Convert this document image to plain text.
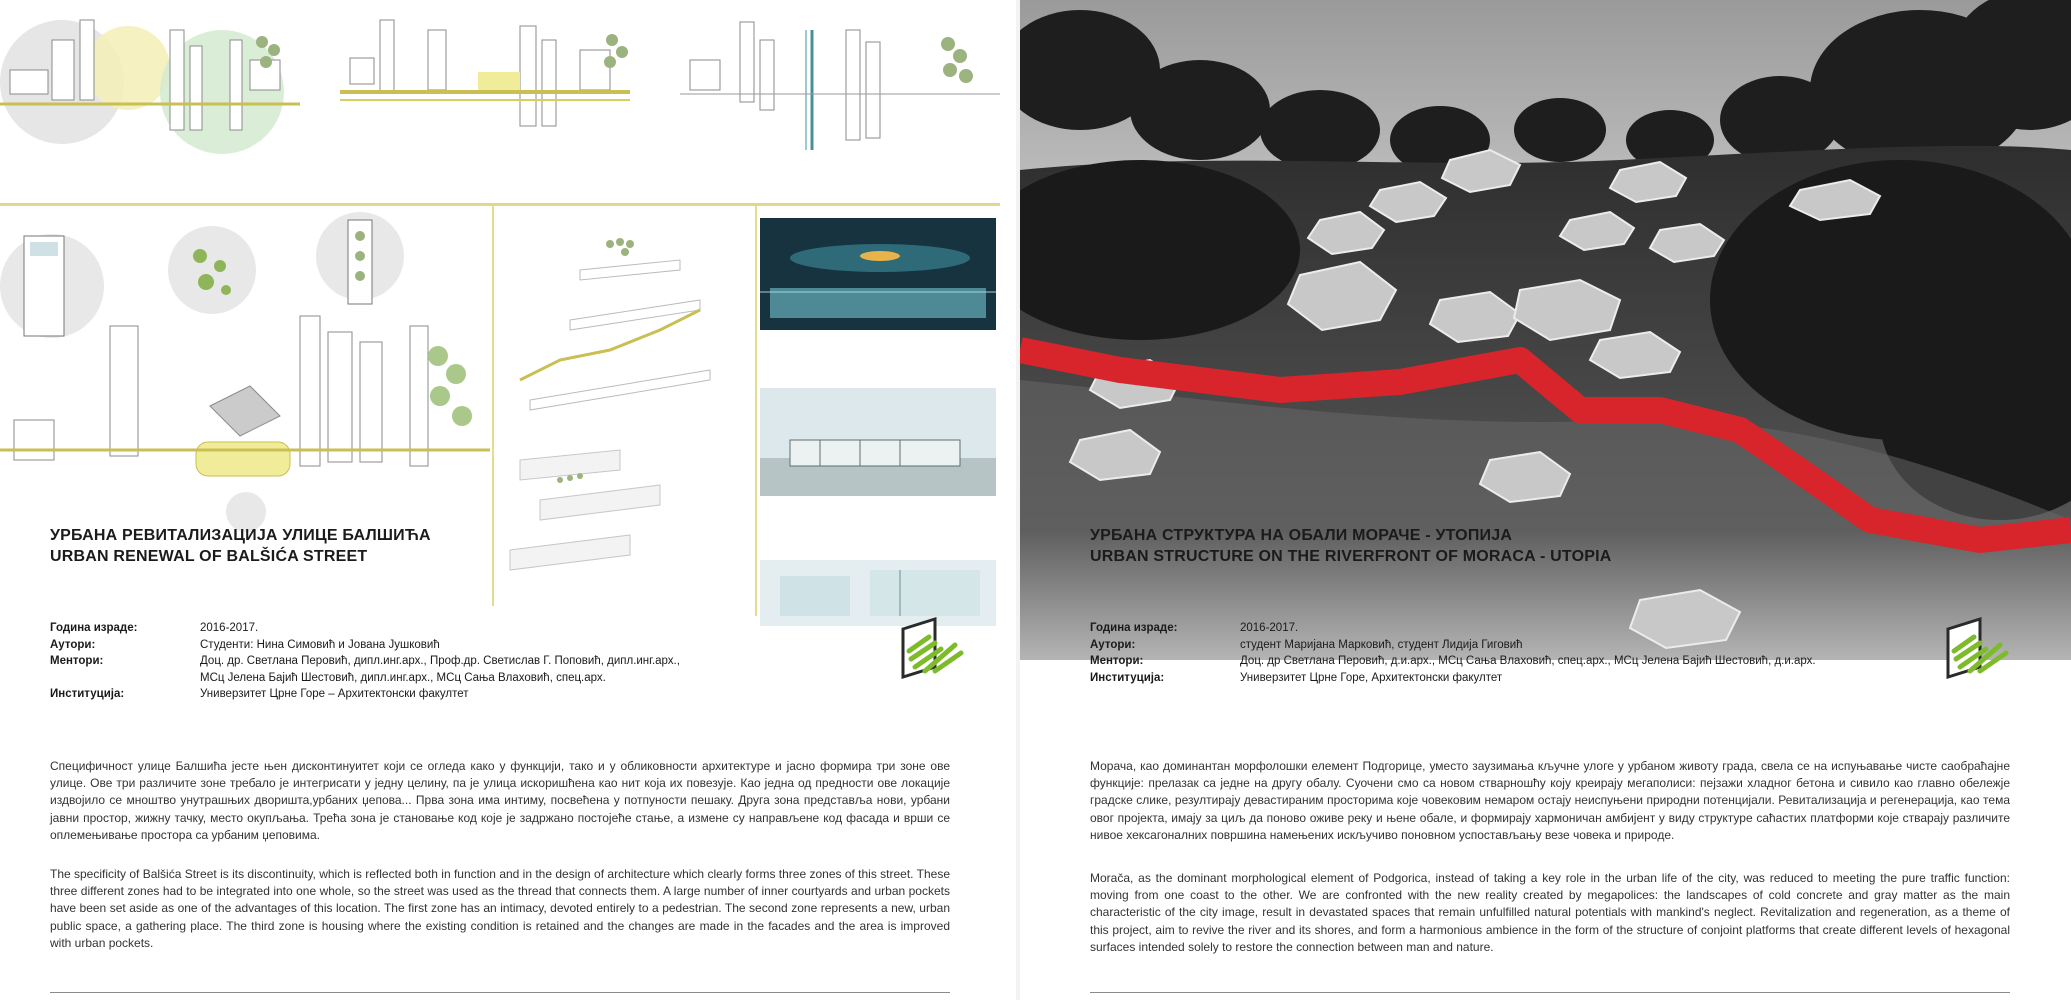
УРБАНА РЕВИТАЛИЗАЦИЈА УЛИЦЕ БАЛШИЋА
URBAN RENEWAL OF BALŠIĆA STREET
Година израде:	2016-2017.
Аутори:	Студенти: Нина Симовић и Јована Јушковић
Ментори:	Доц. др. Светлана Перовић, дипл.инг.арх., Проф.др. Светислав Г. Поповић, дипл.инг.арх.,
МСц Јелена Бајић Шестовић, дипл.инг.арх., МСц Сања Влаховић, спец.арх.
Институција:	Универзитет Црне Горе – Архитектонски факултет
Специфичност улице Балшића јесте њен дисконтинуитет који се огледа како у функцији, тако и у обликовности архитектуре и јасно формира три зоне ове улице. Ове три различите зоне требало је интегрисати у једну целину, па је улица искоришћена као нит која их повезује. Као једна од предности ове локације издвојило се мноштво унутрашњих дворишта,урбаних џепова... Прва зона има интиму, посвећена у потпуности пешаку. Друга зона представља нови, урбани јавни простор, жижну тачку, место окупљања. Трећа зона је становање код које је задржано постојеће стање, а измене су направљене код фасада и врши се оплемењивање простора са урбаним џеповима.
The specificity of Balšića Street is its discontinuity, which is reflected both in function and in the design of architecture which clearly forms three zones of this street. These three different zones had to be integrated into one whole, so the street was used as the thread that connects them. A large number of inner courtyards and urban pockets have been set aside as one of the advantages of this location. The first zone has an intimacy, devoted entirely to a pedestrian. The second zone represents a new, urban public space, a gathering place. The third zone is housing where the existing condition is retained and the changes are made in the facades and the area is improved with urban pockets.
УРБАНА СТРУКТУРА НА ОБАЛИ МОРАЧЕ - УТОПИЈА
URBAN STRUCTURE ON THE RIVERFRONT OF MORACA - UTOPIA
Година израде:	2016-2017.
Аутори:	студент Маријана Марковић, студент Лидија Гиговић
Ментори:	Доц. др Светлана Перовић, д.и.арх., МСц Сања Влаховић, спец.арх., МСц Јелена Бајић Шестовић, д.и.арх.
Институција:	Универзитет Црне Горе, Архитектонски факултет
Морача, као доминантан морфолошки елемент Подгорице, уместо заузимања кључне улоге у урбаном животу града, свела се на испуњавање чисте саобраћајне функције: прелазак са једне на другу обалу. Суочени смо са новом стварношћу коју креирају мегаполиси: пејзажи хладног бетона и сивило као главно обележје градске слике, резултирају девастираним просторима које човековим немаром остају неиспуњени природни потенцијали. Ревитализација и регенерација, као тема овог пројекта, имају за циљ да поново оживе реку и њене обале, и формирају хармоничан амбијент у виду структуре саћастих платформи које стварају различите нивое хексагоналних површина намењених искључиво поновном успостављању везе човека и природе.
Morača, as the dominant morphological element of Podgorica, instead of taking a key role in the urban life of the city, was reduced to meeting the pure traffic function: moving from one coast to the other. We are confronted with the new reality created by megapolices: the landscapes of cold concrete and gray matter as the main characteristic of the city image, result in devastated spaces that remain unfulfilled natural potentials with mankind's neglect. Revitalization and regeneration, as a theme of this project, aim to revive the river and its shores, and form a harmonious ambience in the form of the structure of conjoint platforms that create different levels of hexagonal surfaces intended solely to restore the connection between man and nature.
